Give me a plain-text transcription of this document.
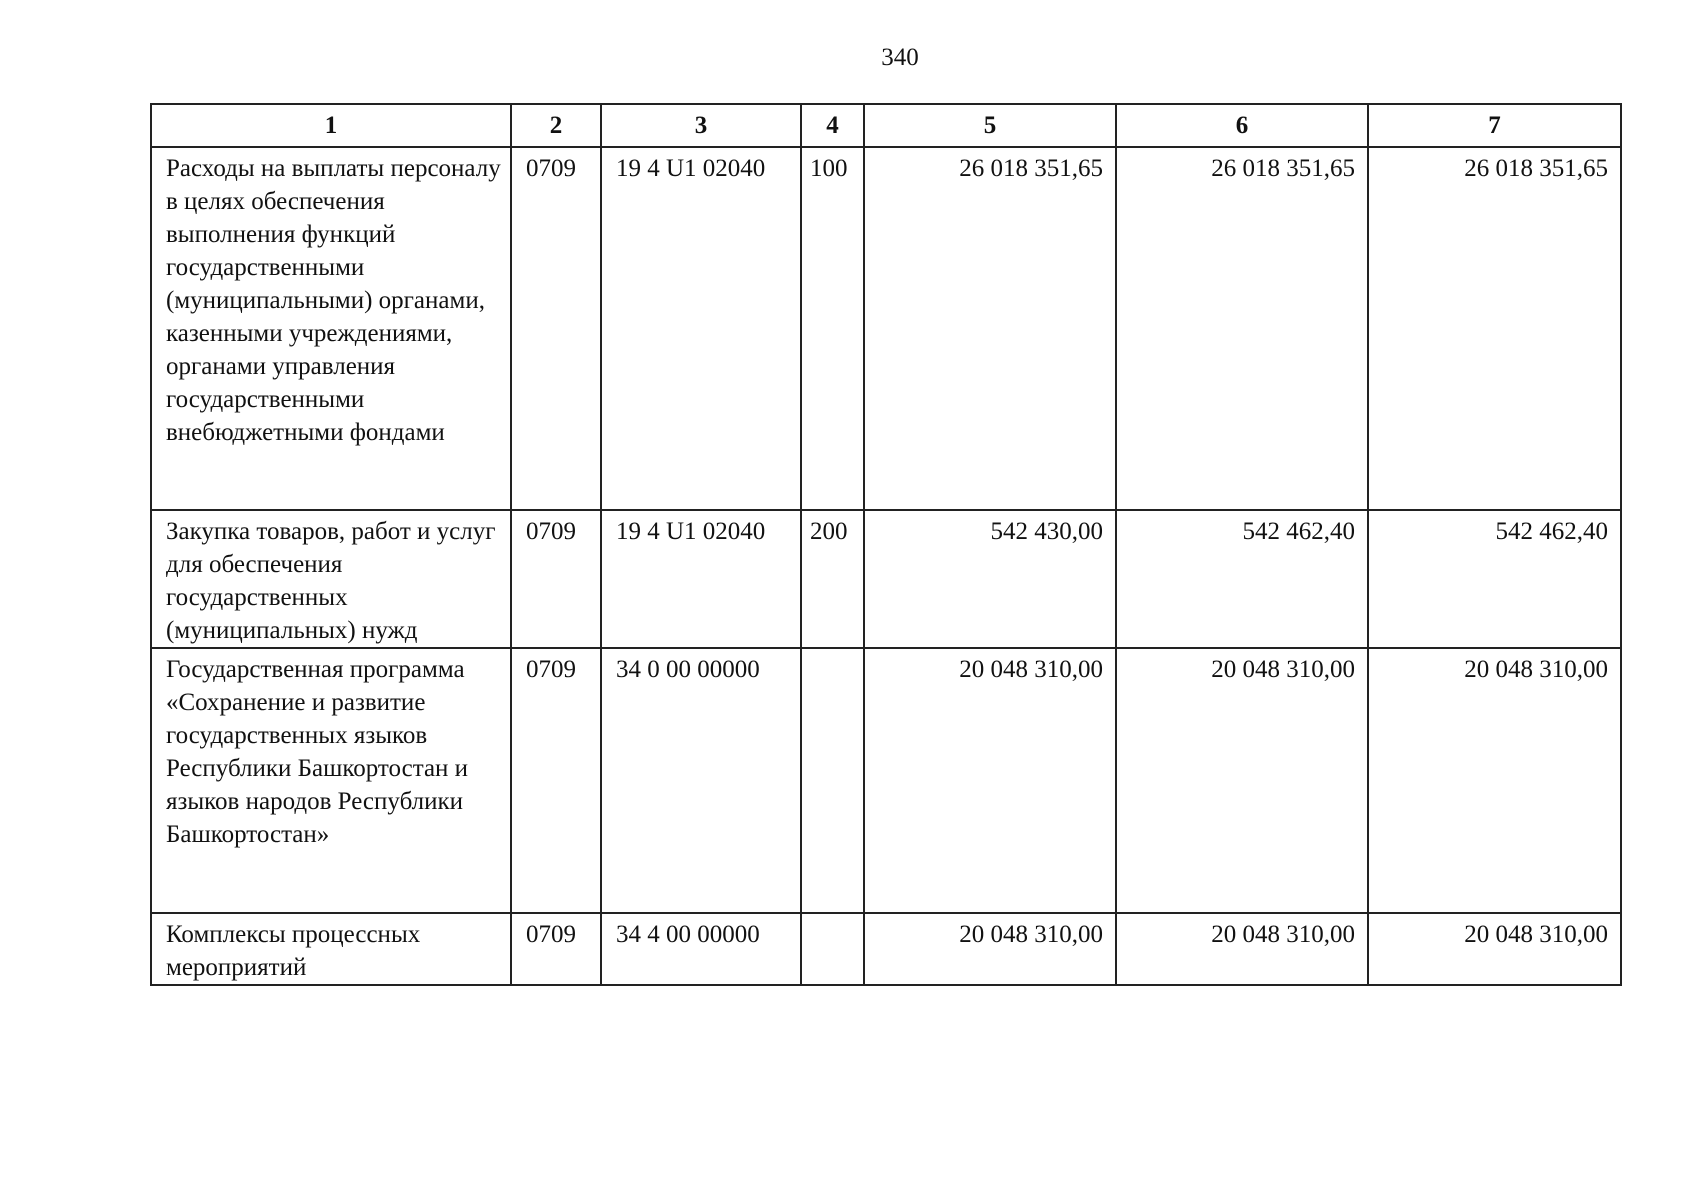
340
1	2	3	4	5	6	7
Расходы на выплаты персоналу в целях обеспечения выполнения функций государственными (муниципальными) органами, казенными учреждениями, органами управления государственными внебюджетными фондами	0709	19 4 U1 02040	100	26 018 351,65	26 018 351,65	26 018 351,65
Закупка товаров, работ и услуг для обеспечения государственных (муниципальных) нужд	0709	19 4 U1 02040	200	542 430,00	542 462,40	542 462,40
Государственная программа «Сохранение и развитие государственных языков Республики Башкортостан и языков народов Республики Башкортостан»	0709	34 0 00 00000		20 048 310,00	20 048 310,00	20 048 310,00
Комплексы процессных мероприятий	0709	34 4 00 00000		20 048 310,00	20 048 310,00	20 048 310,00
